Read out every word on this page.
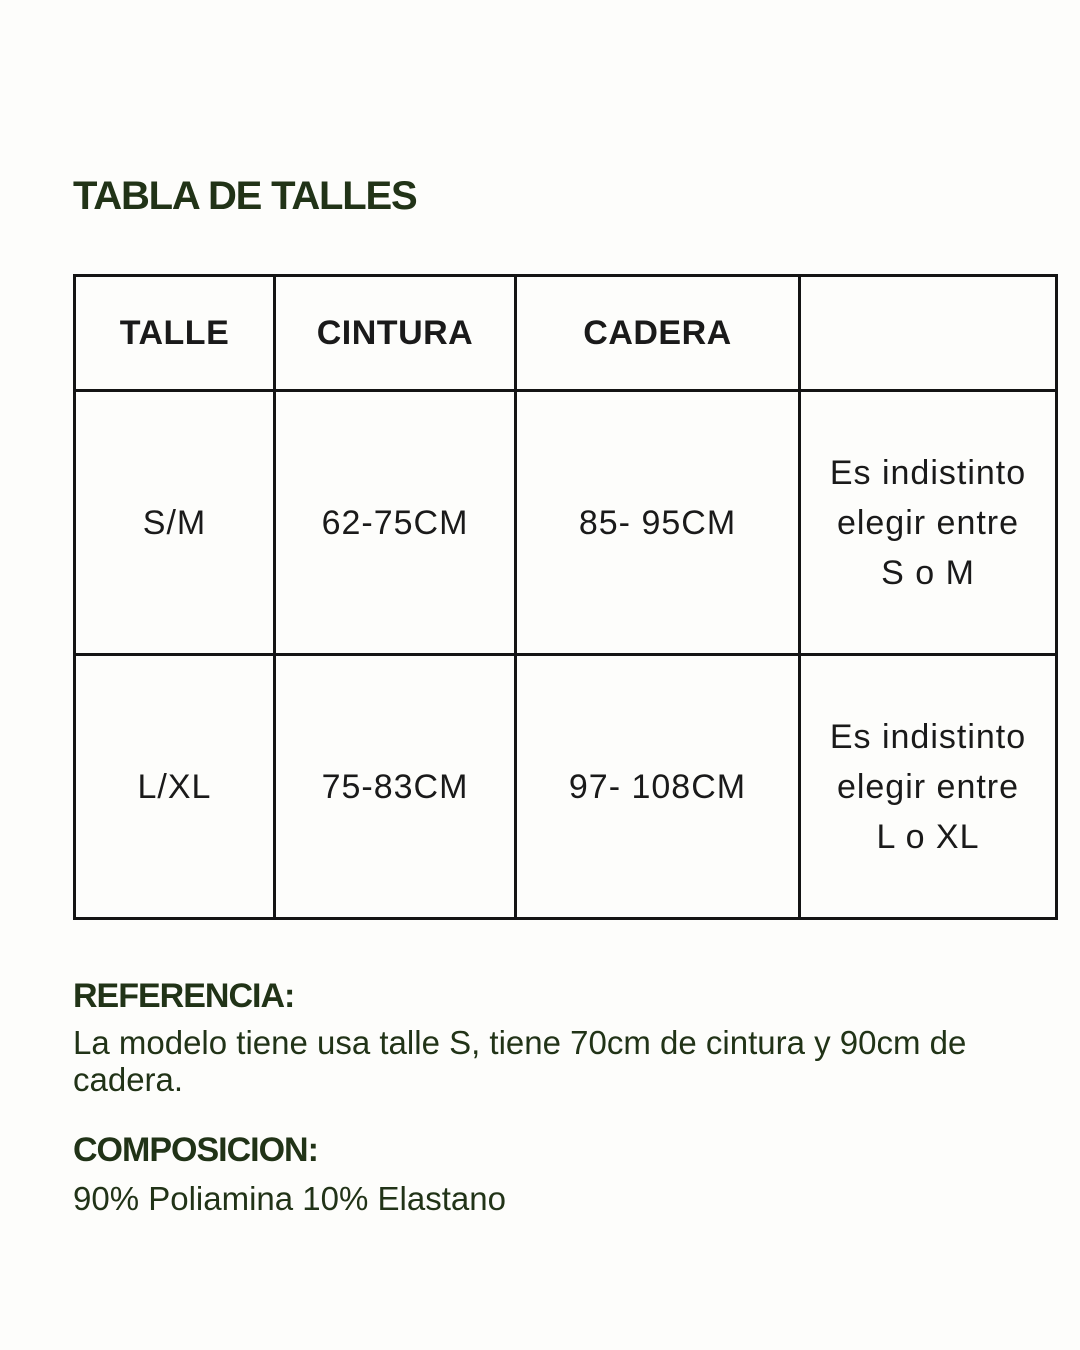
TABLA DE TALLES
TALLE	CINTURA	CADERA	
S/M	62-75CM	85- 95CM	Es indistinto
elegir entre
S o M

L/XL	75-83CM	97- 108CM	Es indistinto
elegir entre
L o XL
REFERENCIA:

La modelo tiene usa talle S, tiene 70cm de cintura y 90cm de cadera.

COMPOSICION:

90% Poliamina 10% Elastano
